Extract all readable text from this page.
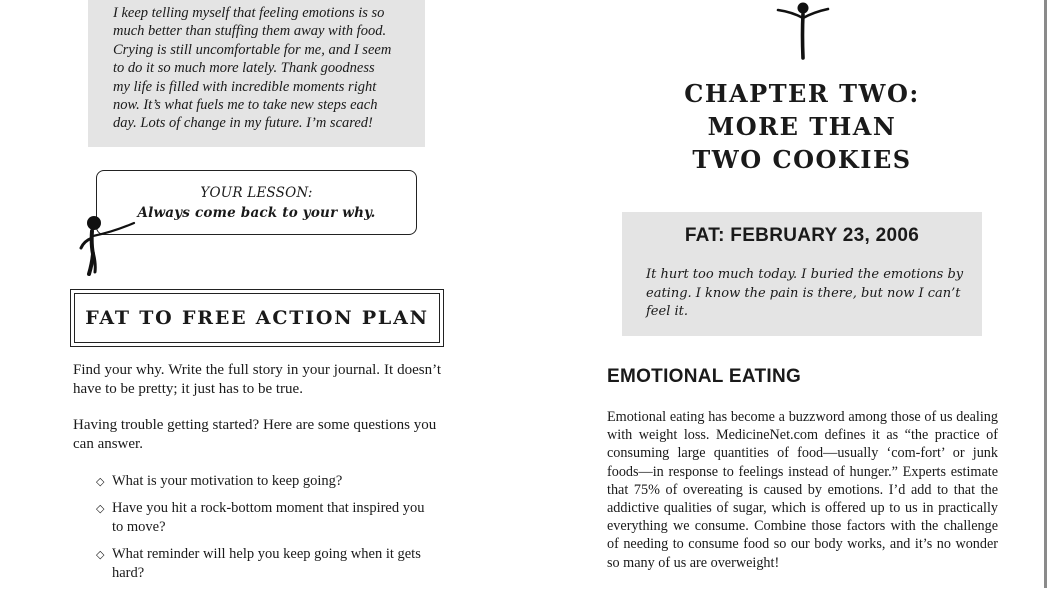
I keep telling myself that feeling emotions is so
much better than stuffing them away with food.
Crying is still uncomfortable for me, and I seem
to do it so much more lately. Thank goodness
my life is filled with incredible moments right
now. It’s what fuels me to take new steps each
day. Lots of change in my future. I’m scared!
YOUR LESSON:
Always come back to your why.
FAT TO FREE ACTION PLAN
Find your why. Write the full story in your journal. It doesn’t have to be pretty; it just has to be true.
Having trouble getting started? Here are some questions you can answer.
◇ What is your motivation to keep going?
◇ Have you hit a rock-bottom moment that inspired you to move?
◇ What reminder will help you keep going when it gets hard?
CHAPTER TWO:
MORE THAN
TWO COOKIES
FAT: FEBRUARY 23, 2006
It hurt too much today. I buried the emotions by eating. I know the pain is there, but now I can’t feel it.
EMOTIONAL EATING
Emotional eating has become a buzzword among those of us dealing with weight loss. MedicineNet.com defines it as “the practice of consuming large quantities of food—usually ‘com-fort’ or junk foods—in response to feelings instead of hunger.” Experts estimate that 75% of overeating is caused by emotions. I’d add to that the addictive qualities of sugar, which is offered up to us in practically everything we consume. Combine those factors with the challenge of needing to consume food so our body works, and it’s no wonder so many of us are overweight!
